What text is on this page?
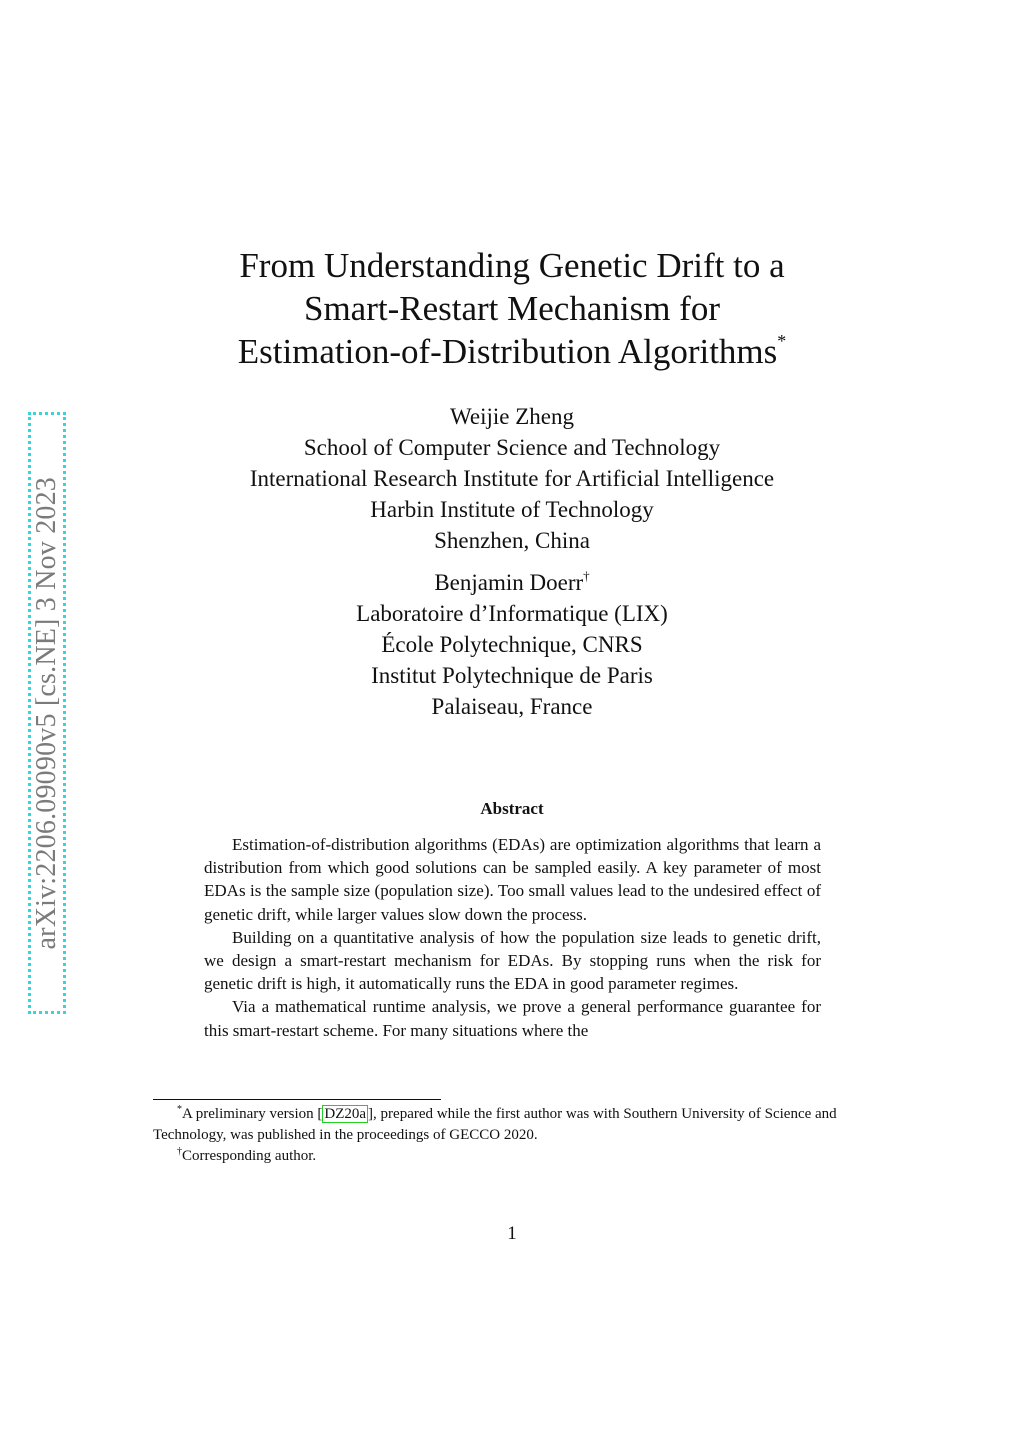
arXiv:2206.09090v5 [cs.NE] 3 Nov 2023
From Understanding Genetic Drift to a
Smart-Restart Mechanism for
Estimation-of-Distribution Algorithms*
Weijie Zheng
School of Computer Science and Technology
International Research Institute for Artificial Intelligence
Harbin Institute of Technology
Shenzhen, China
Benjamin Doerr†
Laboratoire d’Informatique (LIX)
École Polytechnique, CNRS
Institut Polytechnique de Paris
Palaiseau, France
Abstract

Estimation-of-distribution algorithms (EDAs) are optimization algorithms that learn a distribution from which good solutions can be sampled easily. A key parameter of most EDAs is the sample size (population size). Too small values lead to the undesired effect of genetic drift, while larger values slow down the process.

Building on a quantitative analysis of how the population size leads to genetic drift, we design a smart-restart mechanism for EDAs. By stopping runs when the risk for genetic drift is high, it automatically runs the EDA in good parameter regimes.

Via a mathematical runtime analysis, we prove a general performance guarantee for this smart-restart scheme. For many situations where the

*A preliminary version [ DZ20a ], prepared while the first author was with Southern University of Science and Technology, was published in the proceedings of GECCO 2020.

†Corresponding author.

1
